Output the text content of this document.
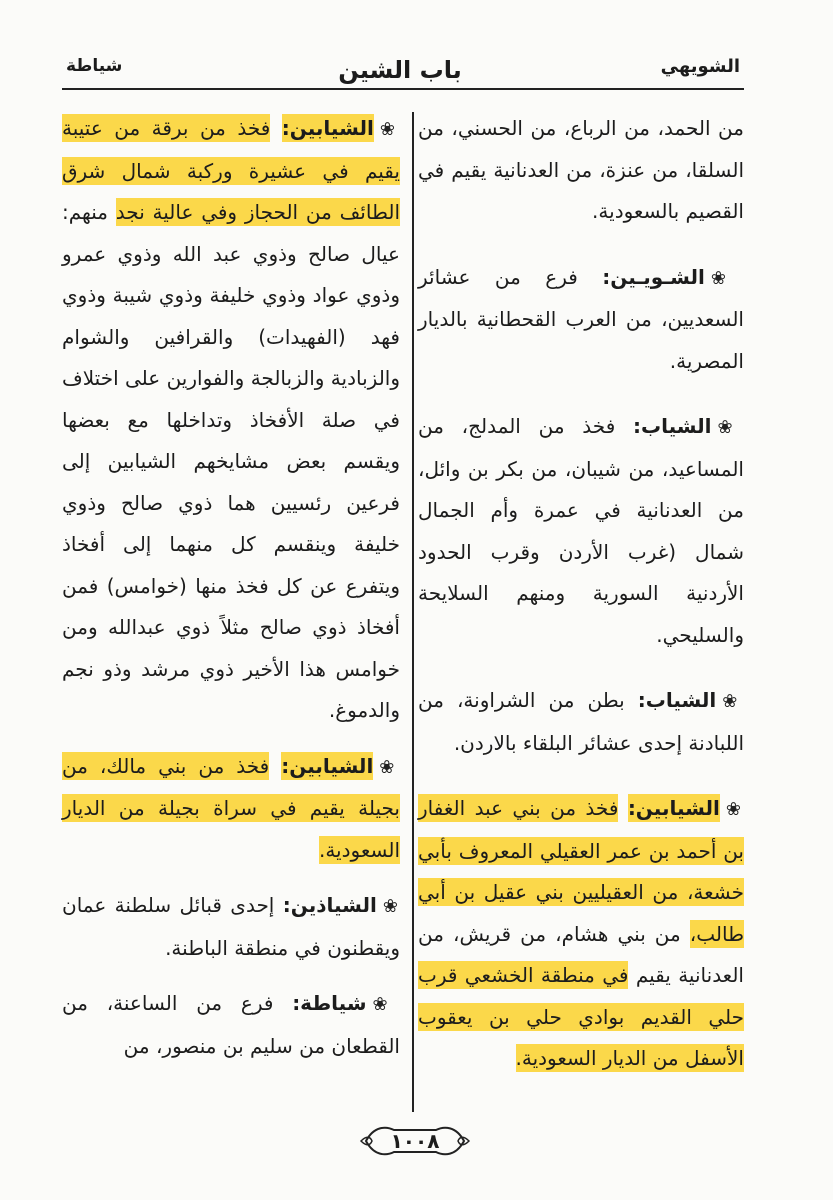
الشويهي
باب الشين
شياطة

من الحمد، من الرباع، من الحسني، من السلقا، من عنزة، من العدنانية يقيم في القصيم بالسعودية.

❀الشـويـين: فرع من عشائر السعديين، من العرب القحطانية بالديار المصرية.

❀الشياب: فخذ من المدلج، من المساعيد، من شيبان، من بكر بن وائل، من العدنانية في عمرة وأم الجمال شمال (غرب الأردن وقرب الحدود الأردنية السورية ومنهم السلايحة والسليحي.

❀الشياب: بطن من الشراونة، من اللبادنة إحدى عشائر البلقاء بالاردن.

❀الشيابين: فخذ من بني عبد الغفار بن أحمد بن عمر العقيلي المعروف بأبي خشعة، من العقيليين بني عقيل بن أبي طالب، من بني هشام، من قريش، من العدنانية يقيم في منطقة الخشعي قرب حلي القديم بوادي حلي بن يعقوب الأسفل من الديار السعودية.

❀الشيابين: فخذ من برقة من عتيبة يقيم في عشيرة وركبة شمال شرق الطائف من الحجاز وفي عالية نجد منهم: عيال صالح وذوي عبد الله وذوي عمرو وذوي عواد وذوي خليفة وذوي شيبة وذوي فهد (الفهيدات) والقرافين والشوام والزبادية والزبالجة والفوارين على اختلاف في صلة الأفخاذ وتداخلها مع بعضها ويقسم بعض مشايخهم الشيابين إلى فرعين رئسيين هما ذوي صالح وذوي خليفة وينقسم كل منهما إلى أفخاذ ويتفرع عن كل فخذ منها (خوامس) فمن أفخاذ ذوي صالح مثلاً ذوي عبدالله ومن خوامس هذا الأخير ذوي مرشد وذو نجم والدموغ.

❀الشيابين: فخذ من بني مالك، من بجيلة يقيم في سراة بجيلة من الديار السعودية.

❀الشياذين: إحدى قبائل سلطنة عمان ويقطنون في منطقة الباطنة.

❀شياطة: فرع من الساعنة، من القطعان من سليم بن منصور، من

١٠٠٨
